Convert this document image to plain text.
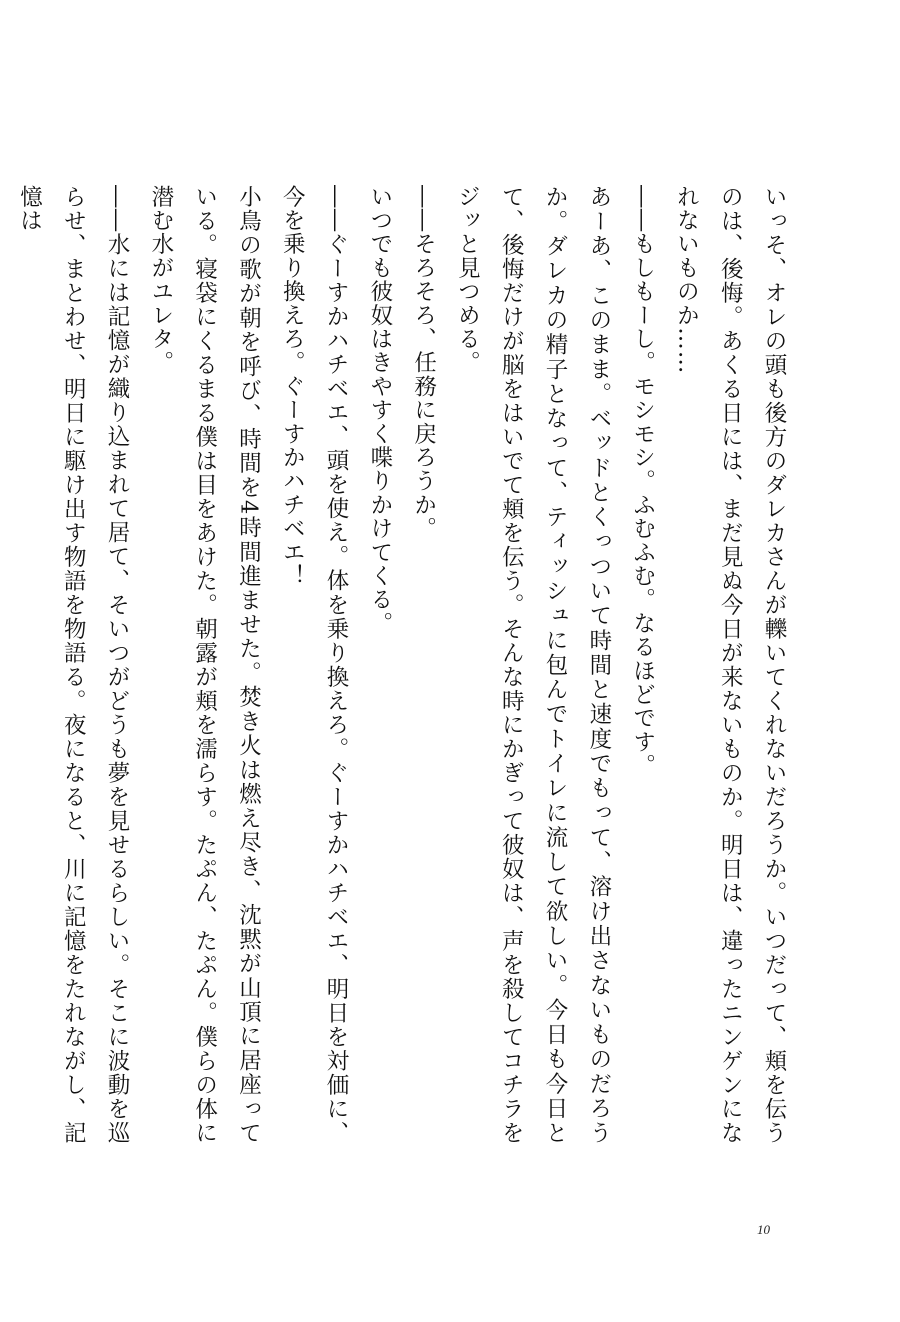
いっそ、オレの頭も後方のダレカさんが轢いてくれないだろうか。いつだって、頬を伝うのは、後悔。あくる日には、まだ見ぬ今日が来ないものか。明日は、違ったニンゲンになれないものか……
――もしもーし。モシモシ。ふむふむ。なるほどです。
あーあ、このまま。ベッドとくっついて時間と速度でもって、溶け出さないものだろうか。ダレカの精子となって、ティッシュに包んでトイレに流して欲しい。今日も今日とて、後悔だけが脳をはいでて頬を伝う。そんな時にかぎって彼奴は、声を殺してコチラをジッと見つめる。
――そろそろ、任務に戻ろうか。
いつでも彼奴はきやすく喋りかけてくる。
――ぐーすかハチベエ、頭を使え。体を乗り換えろ。ぐーすかハチベエ、明日を対価に、今を乗り換えろ。ぐーすかハチベエ！
小鳥の歌が朝を呼び、時間を4時間進ませた。焚き火は燃え尽き、沈黙が山頂に居座っている。寝袋にくるまる僕は目をあけた。朝露が頬を濡らす。たぷん、たぷん。僕らの体に潜む水がユレタ。
――水には記憶が織り込まれて居て、そいつがどうも夢を見せるらしい。そこに波動を巡らせ、まとわせ、明日に駆け出す物語を物語る。夜になると、川に記憶をたれながし、記憶は
10
